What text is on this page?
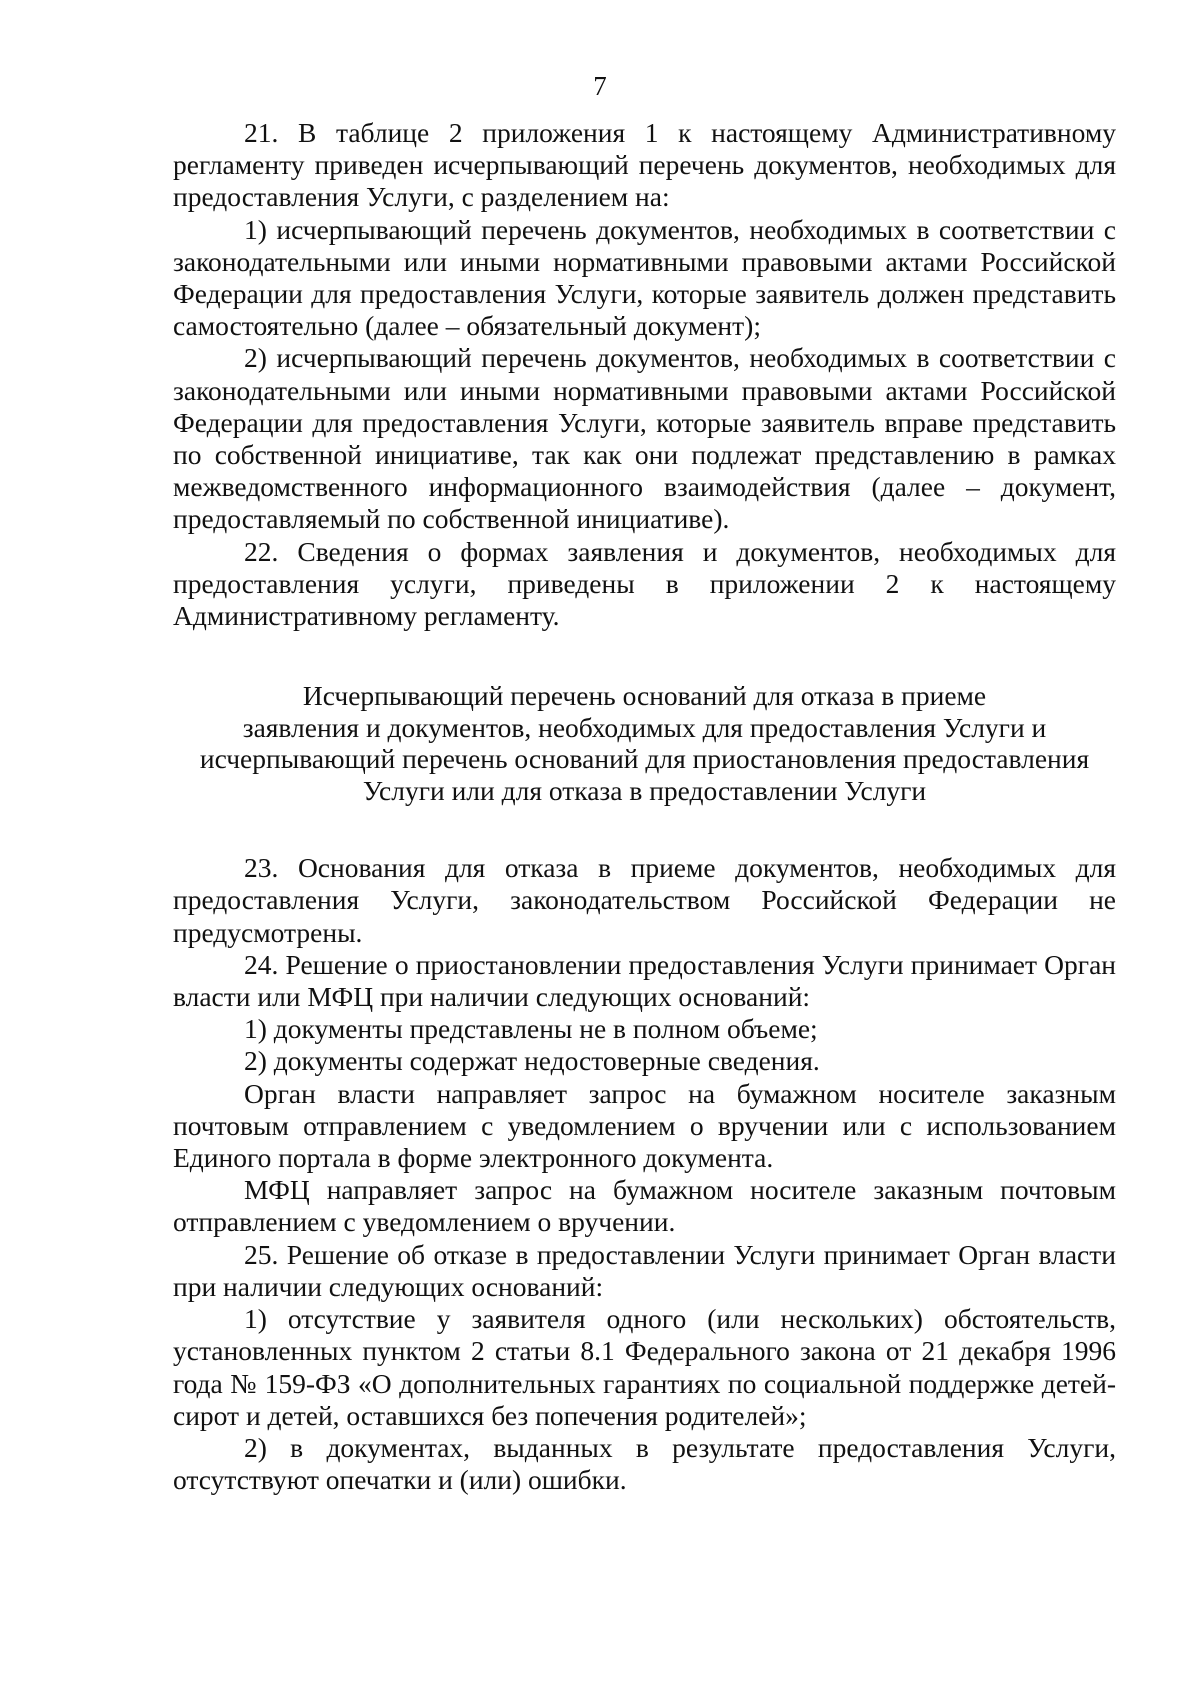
7

21. В таблице 2 приложения 1 к настоящему Административному регламенту приведен исчерпывающий перечень документов, необходимых для предоставления Услуги, с разделением на:

1) исчерпывающий перечень документов, необходимых в соответствии с законодательными или иными нормативными правовыми актами Российской Федерации для предоставления Услуги, которые заявитель должен представить самостоятельно (далее – обязательный документ);

2) исчерпывающий перечень документов, необходимых в соответствии с законодательными или иными нормативными правовыми актами Российской Федерации для предоставления Услуги, которые заявитель вправе представить по собственной инициативе, так как они подлежат представлению в рамках межведомственного информационного взаимодействия (далее – документ, предоставляемый по собственной инициативе).

22. Сведения о формах заявления и документов, необходимых для предоставления услуги, приведены в приложении 2 к настоящему Административному регламенту.

Исчерпывающий перечень оснований для отказа в приеме
заявления и документов, необходимых для предоставления Услуги и
исчерпывающий перечень оснований для приостановления предоставления
Услуги или для отказа в предоставлении Услуги

23. Основания для отказа в приеме документов, необходимых для предоставления Услуги, законодательством Российской Федерации не предусмотрены.

24. Решение о приостановлении предоставления Услуги принимает Орган власти или МФЦ при наличии следующих оснований:

1) документы представлены не в полном объеме;

2) документы содержат недостоверные сведения.

Орган власти направляет запрос на бумажном носителе заказным почтовым отправлением с уведомлением о вручении или с использованием Единого портала в форме электронного документа.

МФЦ направляет запрос на бумажном носителе заказным почтовым отправлением с уведомлением о вручении.

25. Решение об отказе в предоставлении Услуги принимает Орган власти при наличии следующих оснований:

1) отсутствие у заявителя одного (или нескольких) обстоятельств, установленных пунктом 2 статьи 8.1 Федерального закона от 21 декабря 1996 года № 159-ФЗ «О дополнительных гарантиях по социальной поддержке детей-сирот и детей, оставшихся без попечения родителей»;

2) в документах, выданных в результате предоставления Услуги, отсутствуют опечатки и (или) ошибки.
